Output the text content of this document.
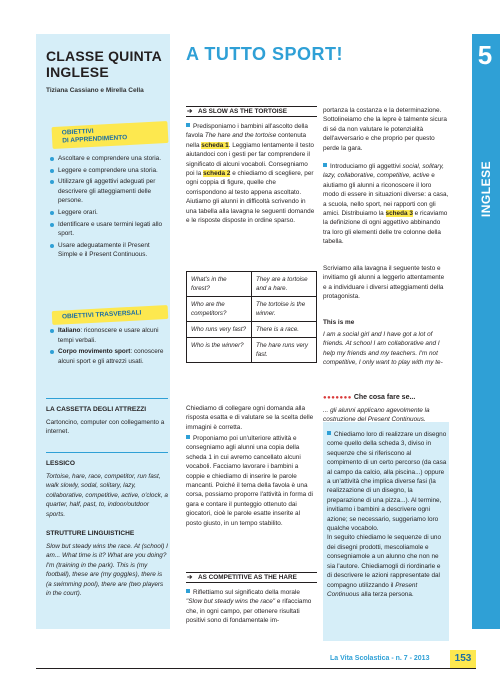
5
INGLESE
CLASSE QUINTA
INGLESE
Tiziana Cassiano e Mirella Cella
OBIETTIVI
DI APPRENDIMENTO
Ascoltare e comprendere una storia.
Leggere e comprendere una storia.
Utilizzare gli aggettivi adeguati per descrivere gli atteggiamenti delle persone.
Leggere orari.
Identificare e usare termini legati allo sport.
Usare adeguatamente il Present Simple e il Present Continuous.
OBIETTIVI TRASVERSALI
Italiano: riconoscere e usare alcuni tempi verbali.
Corpo movimento sport: conoscere alcuni sport e gli attrezzi usati.
LA CASSETTA DEGLI ATTREZZI
Cartoncino, computer con collegamento a internet.
LESSICO
Tortoise, hare, race, competitor, run fast, walk slowly, sodal, solitary, lazy, collaborative, competitive, active, o'clock, a quarter, half, past, to, indoor/outdoor sports.
STRUTTURE LINGUISTICHE
Slow but steady wins the race. At (school) I am... What time is it? What are you doing? I'm (training in the park). This is (my football), these are (my goggles), there is (a swimming pool), there are (two players in the court).
A TUTTO SPORT!
➔ AS SLOW AS THE TORTOISE
Predisponiamo i bambini all'ascolto della favola The hare and the tortoise contenuta nella scheda 1. Leggiamo lentamente il testo aiutandoci con i gesti per far comprendere il significato di alcuni vocaboli. Consegniamo poi la scheda 2 e chiediamo di scegliere, per ogni coppia di figure, quelle che corrispondono al testo appena ascoltato. Aiutiamo gli alunni in difficoltà scrivendo in una tabella alla lavagna le seguenti domande e le risposte disposte in ordine sparso.
What's in the forest?	They are a tortoise and a hare.
Who are the competitors?	The tortoise is the winner.
Who runs very fast?	There is a race.
Who is the winner?	The hare runs very fast.
Chiediamo di collegare ogni domanda alla risposta esatta e di valutare se la scelta delle immagini è corretta.
Proponiamo poi un'ulteriore attività e consegniamo agli alunni una copia della scheda 1 in cui avremo cancellato alcuni vocaboli. Facciamo lavorare i bambini a coppie e chiediamo di inserire le parole mancanti. Poiché il tema della favola è una corsa, possiamo proporre l'attività in forma di gara e contare il punteggio ottenuto dai giocatori, cioè le parole esatte inserite al posto giusto, in un tempo stabilito.
➔ AS COMPETITIVE AS THE HARE
Riflettiamo sul significato della morale "Slow but steady wins the race" e rifacciamo che, in ogni campo, per ottenere risultati positivi sono di fondamentale im-
portanza la costanza e la determinazione. Sottolineiamo che la lepre è talmente sicura di sé da non valutare le potenzialità dell'avversario e che proprio per questo perde la gara.
Introduciamo gli aggettivi social, solitary, lazy, collaborative, competitive, active e aiutiamo gli alunni a riconoscere il loro modo di essere in situazioni diverse: a casa, a scuola, nello sport, nei rapporti con gli amici. Distribuiamo la scheda 3 e ricaviamo la definizione di ogni aggettivo abbinando tra loro gli elementi delle tre colonne della tabella.
Scriviamo alla lavagna il seguente testo e invitiamo gli alunni a leggerlo attentamente e a individuare i diversi atteggiamenti della protagonista.
This is me
I am a social girl and I have got a lot of friends. At school I am collaborative and I help my friends and my teachers. I'm not competitive, I only want to play with my te-
●●●●●●● Che cosa fare se...
... gli alunni applicano agevolmente la costruzione del Present Continuous.
Chiediamo loro di realizzare un disegno come quello della scheda 3, diviso in sequenze che si riferiscono al compimento di un certo percorso (da casa al campo da calcio, alla piscina...) oppure a un'attività che implica diverse fasi (la realizzazione di un disegno, la preparazione di una pizza...). Al termine, invitiamo i bambini a descrivere ogni azione; se necessario, suggeriamo loro qualche vocabolo.
In seguito chiediamo le sequenze di uno dei disegni prodotti, mescoliamole e consegniamole a un alunno che non ne sia l'autore. Chiediamogli di riordinarle e di descrivere le azioni rappresentate dal compagno utilizzando il Present Continuous alla terza persona.
La Vita Scolastica - n. 7 - 2013	153
